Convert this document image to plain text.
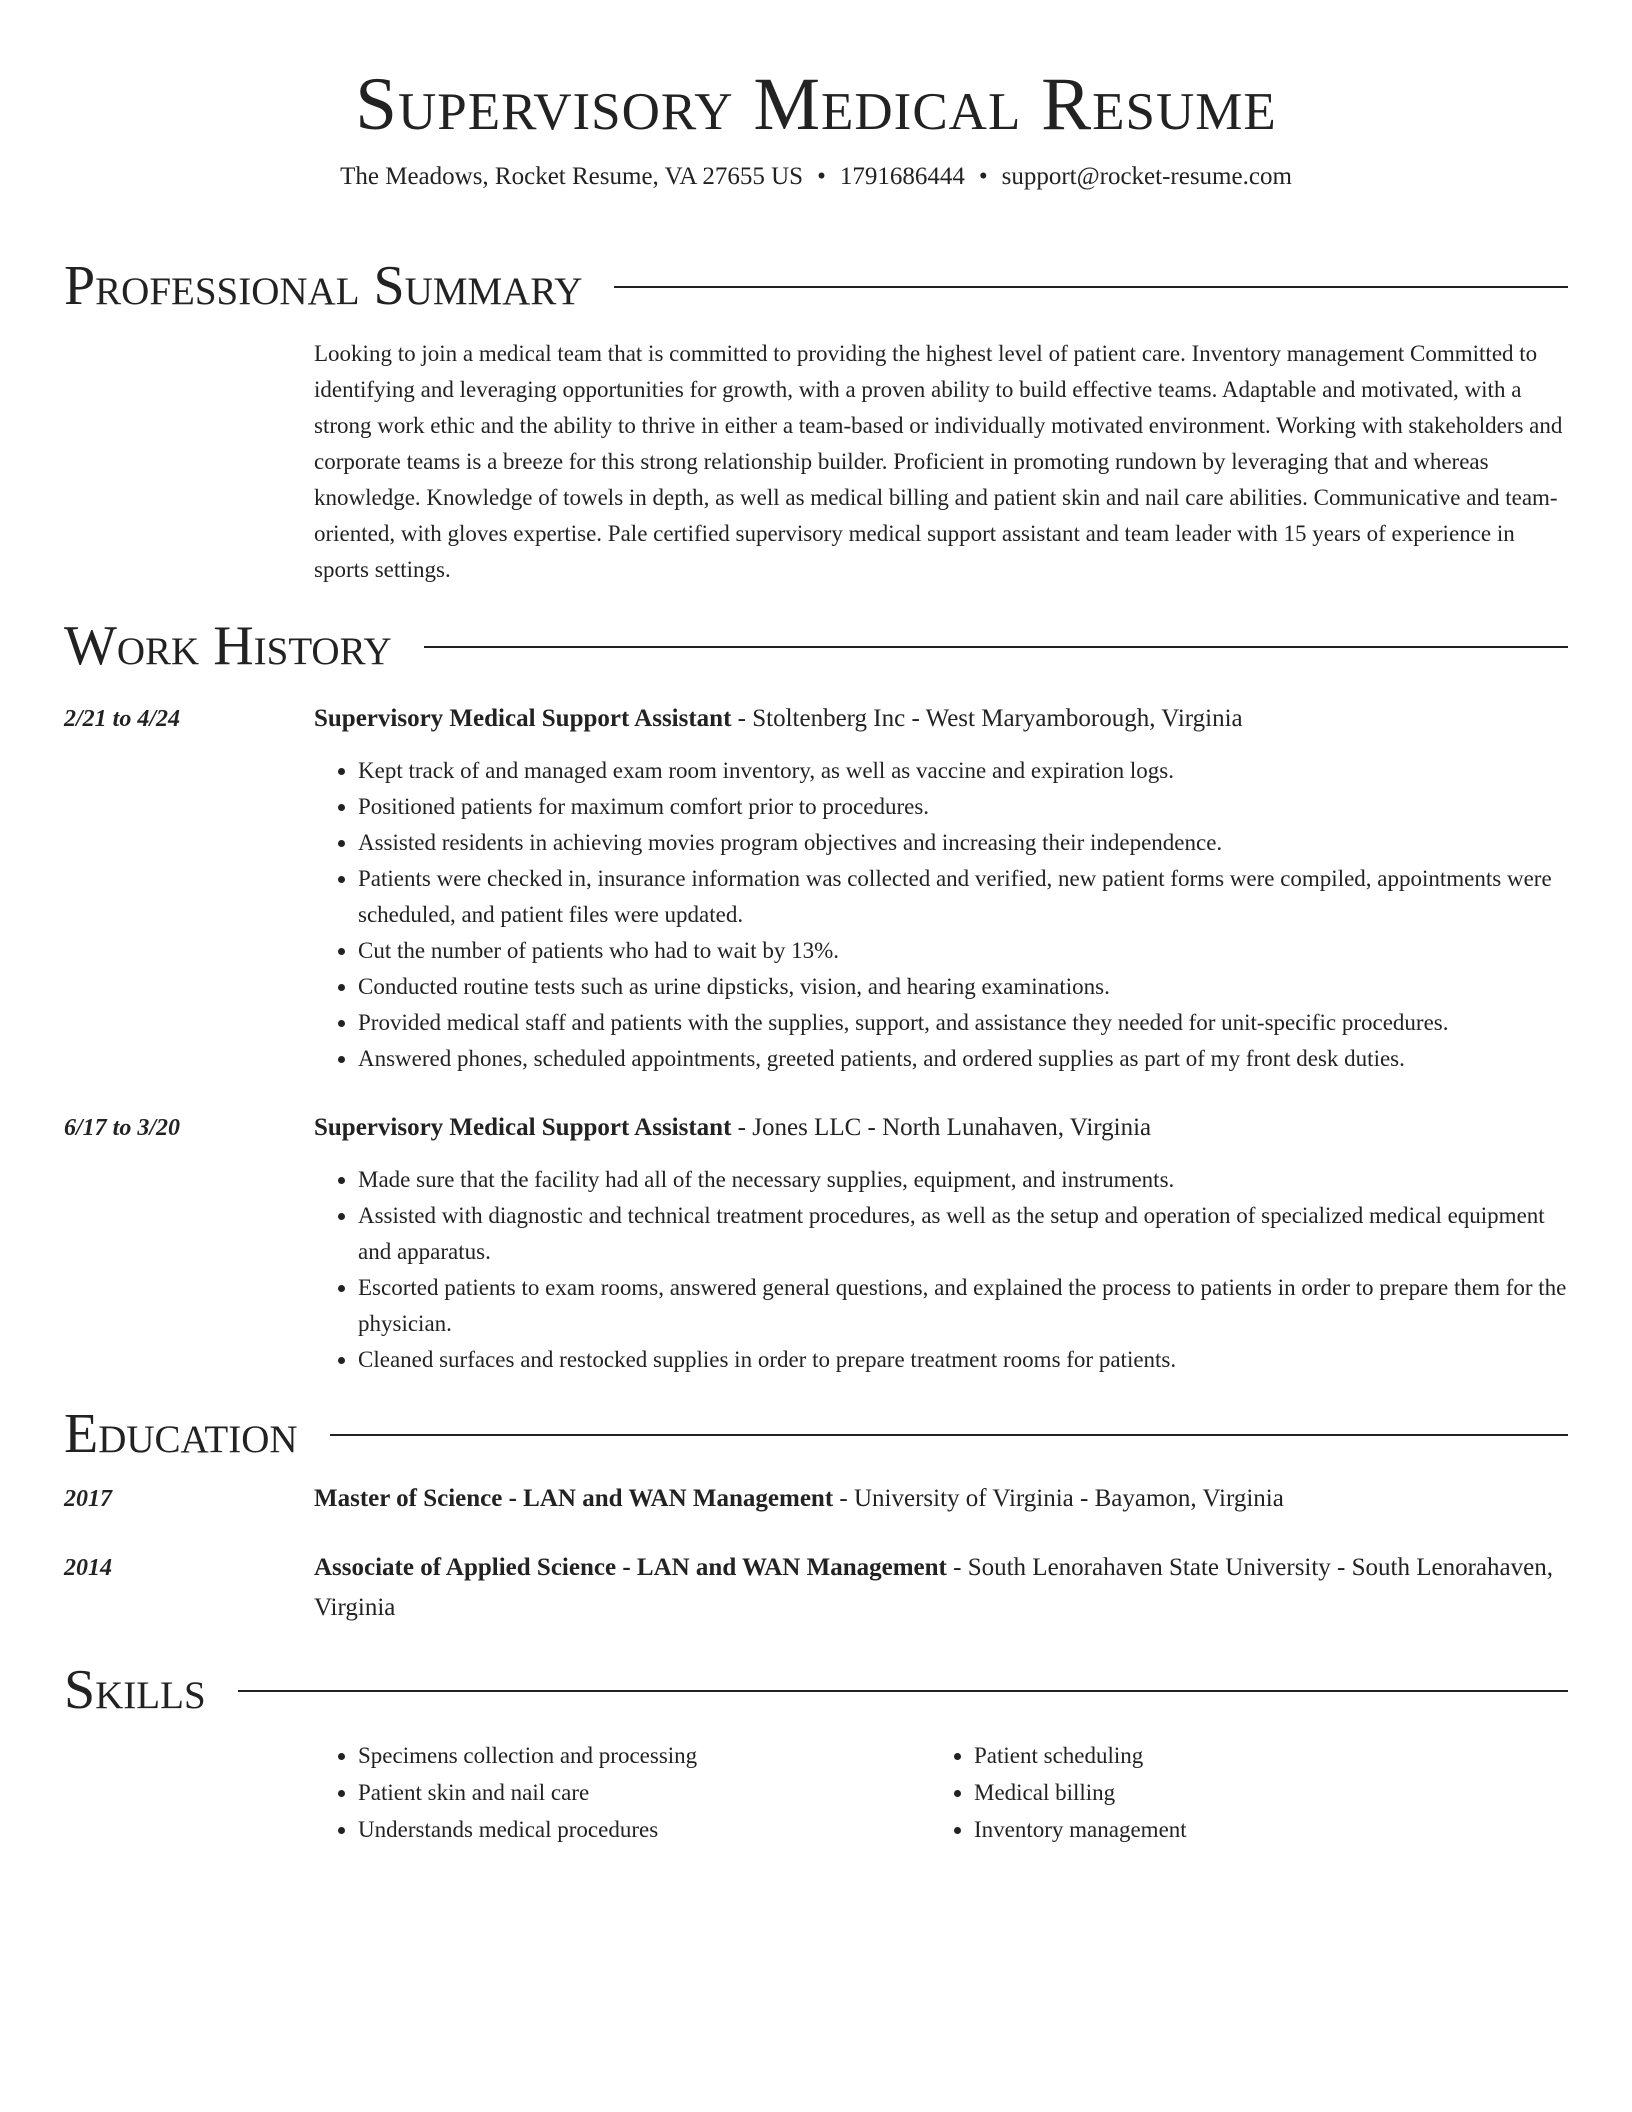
Supervisory Medical Resume
The Meadows, Rocket Resume, VA 27655 US • 1791686444 • support@rocket-resume.com
Professional Summary

Looking to join a medical team that is committed to providing the highest level of patient care. Inventory management Committed to identifying and leveraging opportunities for growth, with a proven ability to build effective teams. Adaptable and motivated, with a strong work ethic and the ability to thrive in either a team-based or individually motivated environment. Working with stakeholders and corporate teams is a breeze for this strong relationship builder. Proficient in promoting rundown by leveraging that and whereas knowledge. Knowledge of towels in depth, as well as medical billing and patient skin and nail care abilities. Communicative and team-oriented, with gloves expertise. Pale certified supervisory medical support assistant and team leader with 15 years of experience in sports settings.

Work History
2/21 to 4/24	Supervisory Medical Support Assistant - Stoltenberg Inc - West Maryamborough, Virginia
• Kept track of and managed exam room inventory, as well as vaccine and expiration logs.
• Positioned patients for maximum comfort prior to procedures.
• Assisted residents in achieving movies program objectives and increasing their independence.
• Patients were checked in, insurance information was collected and verified, new patient forms were compiled, appointments were scheduled, and patient files were updated.
• Cut the number of patients who had to wait by 13%.
• Conducted routine tests such as urine dipsticks, vision, and hearing examinations.
• Provided medical staff and patients with the supplies, support, and assistance they needed for unit-specific procedures.
• Answered phones, scheduled appointments, greeted patients, and ordered supplies as part of my front desk duties.
6/17 to 3/20	Supervisory Medical Support Assistant - Jones LLC - North Lunahaven, Virginia
• Made sure that the facility had all of the necessary supplies, equipment, and instruments.
• Assisted with diagnostic and technical treatment procedures, as well as the setup and operation of specialized medical equipment and apparatus.
• Escorted patients to exam rooms, answered general questions, and explained the process to patients in order to prepare them for the physician.
• Cleaned surfaces and restocked supplies in order to prepare treatment rooms for patients.
Education
2017	Master of Science - LAN and WAN Management - University of Virginia - Bayamon, Virginia
2014	Associate of Applied Science - LAN and WAN Management - South Lenorahaven State University - South Lenorahaven, Virginia
Skills
• Specimens collection and processing
• Patient skin and nail care
• Understands medical procedures
• Patient scheduling
• Medical billing
• Inventory management
